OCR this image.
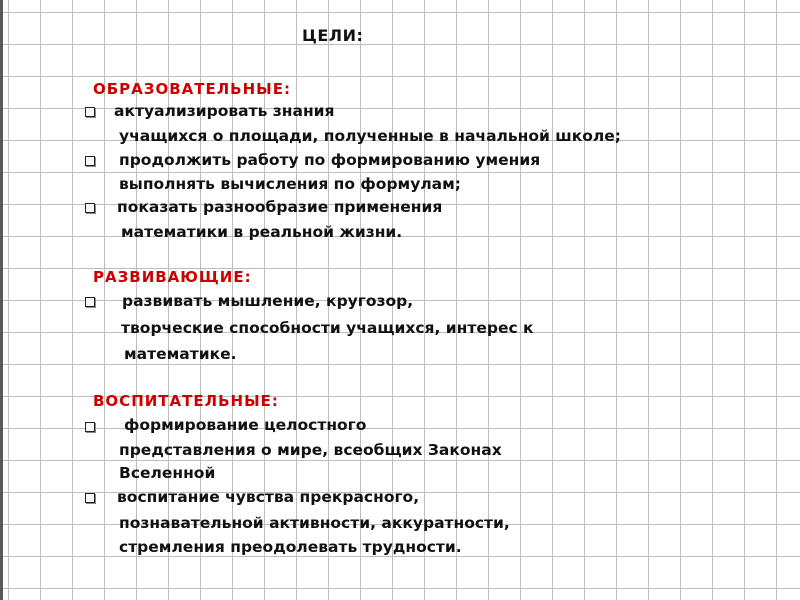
ЦЕЛИ:
ОБРАЗОВАТЕЛЬНЫЕ:
актуализировать знания
учащихся о площади, полученные в начальной школе;
продолжить работу по формированию умения
выполнять вычисления по формулам;
показать разнообразие применения
математики в реальной жизни.
РАЗВИВАЮЩИЕ:
развивать мышление, кругозор,
творческие способности учащихся, интерес к
математике.
ВОСПИТАТЕЛЬНЫЕ:
формирование целостного
представления о мире, всеобщих Законах
Вселенной
воспитание чувства прекрасного,
познавательной активности, аккуратности,
стремления преодолевать трудности.
